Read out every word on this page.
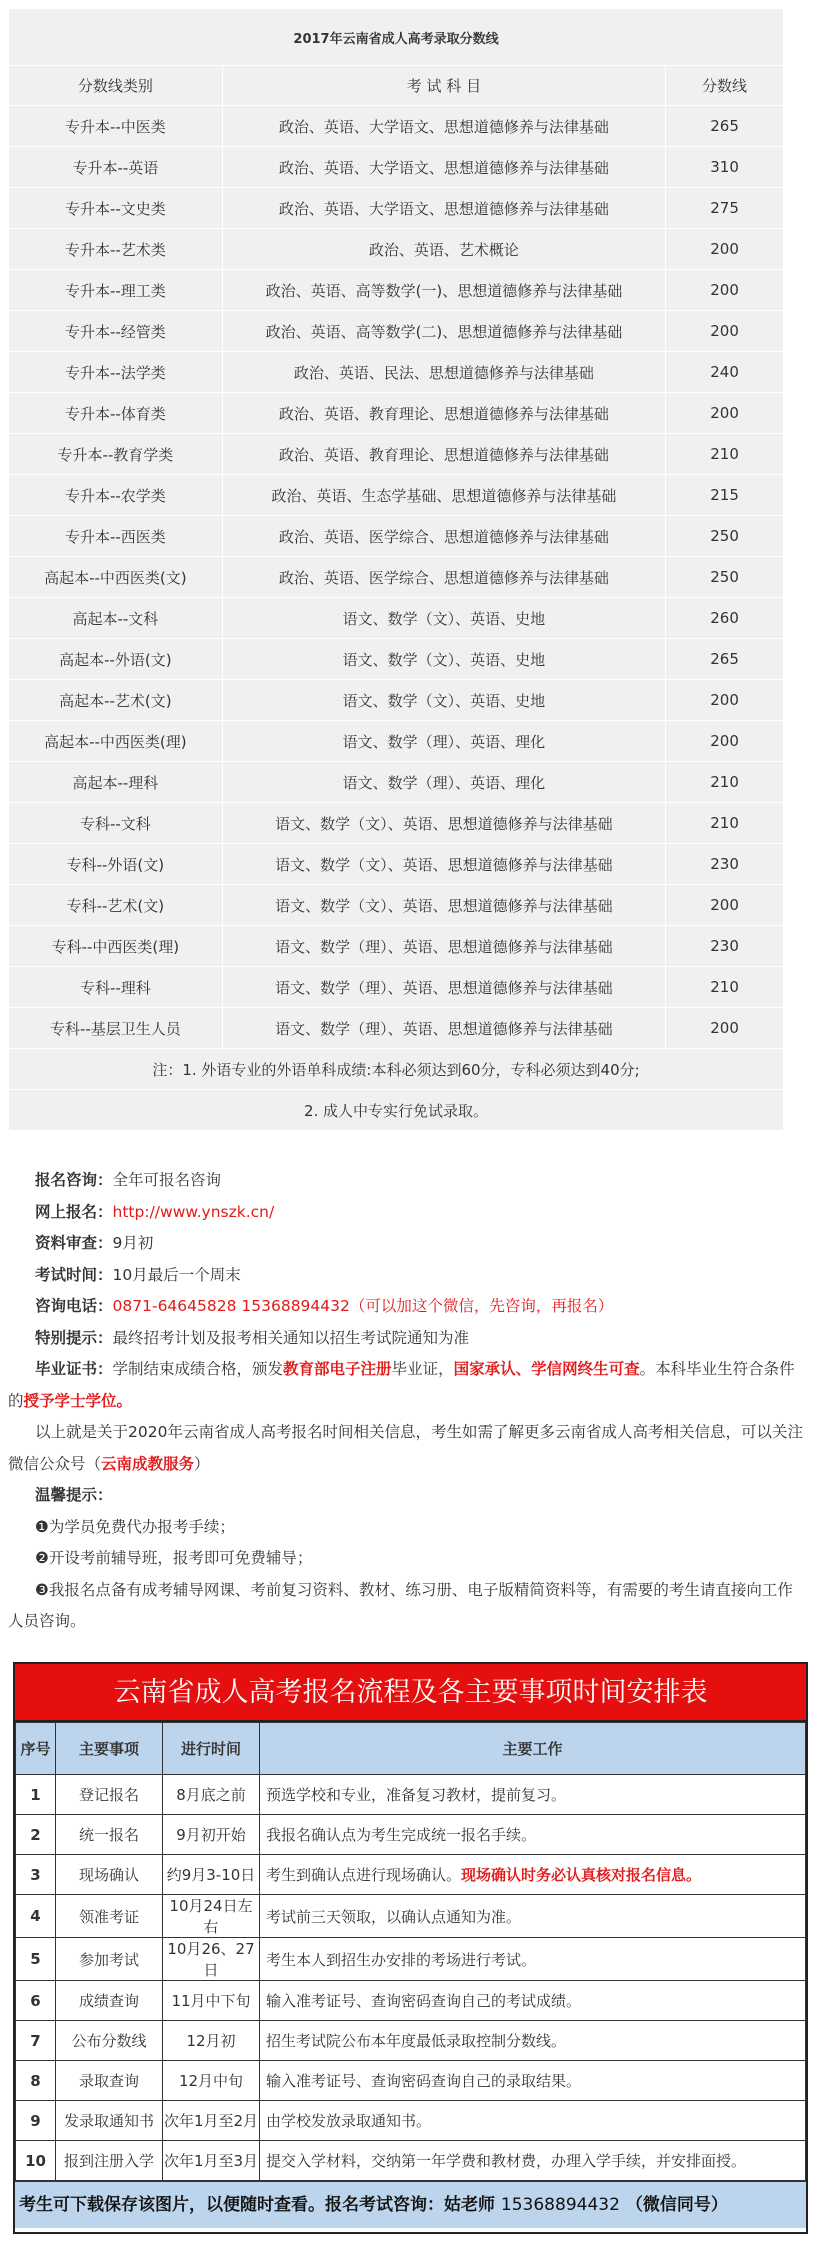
2017年云南省成人高考录取分数线		
分数线类别	考 试 科 目	分数线
专升本--中医类	政治、英语、大学语文、思想道德修养与法律基础	265
专升本--英语	政治、英语、大学语文、思想道德修养与法律基础	310
专升本--文史类	政治、英语、大学语文、思想道德修养与法律基础	275
专升本--艺术类	政治、英语、艺术概论	200
专升本--理工类	政治、英语、高等数学(一)、思想道德修养与法律基础	200
专升本--经管类	政治、英语、高等数学(二)、思想道德修养与法律基础	200
专升本--法学类	政治、英语、民法、思想道德修养与法律基础	240
专升本--体育类	政治、英语、教育理论、思想道德修养与法律基础	200
专升本--教育学类	政治、英语、教育理论、思想道德修养与法律基础	210
专升本--农学类	政治、英语、生态学基础、思想道德修养与法律基础	215
专升本--西医类	政治、英语、医学综合、思想道德修养与法律基础	250
高起本--中西医类(文)	政治、英语、医学综合、思想道德修养与法律基础	250
高起本--文科	语文、数学（文）、英语、史地	260
高起本--外语(文)	语文、数学（文）、英语、史地	265
高起本--艺术(文)	语文、数学（文）、英语、史地	200
高起本--中西医类(理)	语文、数学（理）、英语、理化	200
高起本--理科	语文、数学（理）、英语、理化	210
专科--文科	语文、数学（文）、英语、思想道德修养与法律基础	210
专科--外语(文)	语文、数学（文）、英语、思想道德修养与法律基础	230
专科--艺术(文)	语文、数学（文）、英语、思想道德修养与法律基础	200
专科--中西医类(理)	语文、数学（理）、英语、思想道德修养与法律基础	230
专科--理科	语文、数学（理）、英语、思想道德修养与法律基础	210
专科--基层卫生人员	语文、数学（理）、英语、思想道德修养与法律基础	200
注：1. 外语专业的外语单科成绩:本科必须达到60分，专科必须达到40分;		
2. 成人中专实行免试录取。		

报名咨询：全年可报名咨询

网上报名：http://www.ynszk.cn/

资料审查：9月初

考试时间：10月最后一个周末

咨询电话：0871-64645828 15368894432（可以加这个微信，先咨询，再报名）

特别提示：最终招考计划及报考相关通知以招生考试院通知为准

毕业证书：学制结束成绩合格，颁发教育部电子注册毕业证，国家承认、学信网终生可查。本科毕业生符合条件的授予学士学位。

以上就是关于2020年云南省成人高考报名时间相关信息，考生如需了解更多云南省成人高考相关信息，可以关注微信公众号（云南成教服务）

温馨提示：

❶为学员免费代办报考手续；

❷开设考前辅导班，报考即可免费辅导；

❸我报名点备有成考辅导网课、考前复习资料、教材、练习册、电子版精简资料等，有需要的考生请直接向工作人员咨询。

云南省成人高考报名流程及各主要事项时间安排表
序号	主要事项	进行时间	主要工作
1	登记报名	8月底之前	预选学校和专业，准备复习教材，提前复习。
2	统一报名	9月初开始	我报名确认点为考生完成统一报名手续。
3	现场确认	约9月3-10日	考生到确认点进行现场确认。现场确认时务必认真核对报名信息。
4	领准考证	10月24日左右	考试前三天领取，以确认点通知为准。
5	参加考试	10月26、27日	考生本人到招生办安排的考场进行考试。
6	成绩查询	11月中下旬	输入准考证号、查询密码查询自己的考试成绩。
7	公布分数线	12月初	招生考试院公布本年度最低录取控制分数线。
8	录取查询	12月中旬	输入准考证号、查询密码查询自己的录取结果。
9	发录取通知书	次年1月至2月	由学校发放录取通知书。
10	报到注册入学	次年1月至3月	提交入学材料，交纳第一年学费和教材费，办理入学手续，并安排面授。
考生可下载保存该图片，以便随时查看。报名考试咨询：姑老师 15368894432 （微信同号）
